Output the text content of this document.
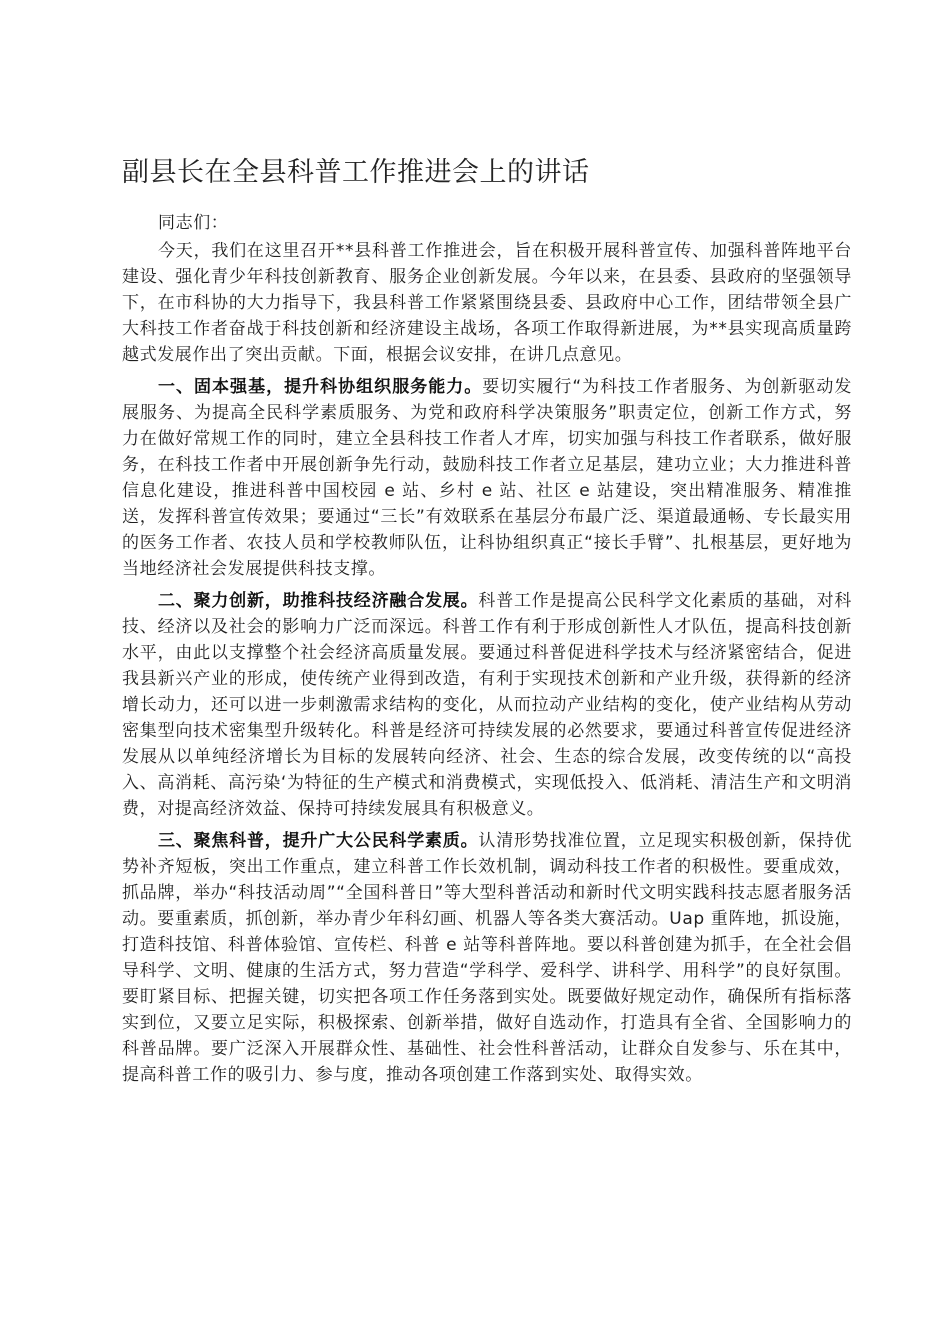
副县长在全县科普工作推进会上的讲话

同志们：

今天，我们在这里召开**县科普工作推进会，旨在积极开展科普宣传、加强科普阵地平台建设、强化青少年科技创新教育、服务企业创新发展。今年以来，在县委、县政府的坚强领导下，在市科协的大力指导下，我县科普工作紧紧围绕县委、县政府中心工作，团结带领全县广大科技工作者奋战于科技创新和经济建设主战场，各项工作取得新进展，为**县实现高质量跨越式发展作出了突出贡献。下面，根据会议安排，在讲几点意见。

一、固本强基，提升科协组织服务能力。要切实履行“为科技工作者服务、为创新驱动发展服务、为提高全民科学素质服务、为党和政府科学决策服务”职责定位，创新工作方式，努力在做好常规工作的同时，建立全县科技工作者人才库，切实加强与科技工作者联系，做好服务，在科技工作者中开展创新争先行动，鼓励科技工作者立足基层，建功立业；大力推进科普信息化建设，推进科普中国校园 e 站、乡村 e 站、社区 e 站建设，突出精准服务、精准推送，发挥科普宣传效果；要通过“三长”有效联系在基层分布最广泛、渠道最通畅、专长最实用的医务工作者、农技人员和学校教师队伍，让科协组织真正“接长手臂”、扎根基层，更好地为当地经济社会发展提供科技支撑。

二、聚力创新，助推科技经济融合发展。科普工作是提高公民科学文化素质的基础，对科技、经济以及社会的影响力广泛而深远。科普工作有利于形成创新性人才队伍，提高科技创新水平，由此以支撑整个社会经济高质量发展。要通过科普促进科学技术与经济紧密结合，促进我县新兴产业的形成，使传统产业得到改造，有利于实现技术创新和产业升级，获得新的经济增长动力，还可以进一步刺激需求结构的变化，从而拉动产业结构的变化，使产业结构从劳动密集型向技术密集型升级转化。科普是经济可持续发展的必然要求，要通过科普宣传促进经济发展从以单纯经济增长为目标的发展转向经济、社会、生态的综合发展，改变传统的以“高投入、高消耗、高污染‘为特征的生产模式和消费模式，实现低投入、低消耗、清洁生产和文明消费，对提高经济效益、保持可持续发展具有积极意义。

三、聚焦科普，提升广大公民科学素质。认清形势找准位置，立足现实积极创新，保持优势补齐短板，突出工作重点，建立科普工作长效机制，调动科技工作者的积极性。要重成效，抓品牌，举办“科技活动周”“全国科普日”等大型科普活动和新时代文明实践科技志愿者服务活动。要重素质，抓创新，举办青少年科幻画、机器人等各类大赛活动。Uap 重阵地，抓设施，打造科技馆、科普体验馆、宣传栏、科普 e 站等科普阵地。要以科普创建为抓手，在全社会倡导科学、文明、健康的生活方式，努力营造“学科学、爱科学、讲科学、用科学”的良好氛围。要盯紧目标、把握关键，切实把各项工作任务落到实处。既要做好规定动作，确保所有指标落实到位，又要立足实际，积极探索、创新举措，做好自选动作，打造具有全省、全国影响力的科普品牌。要广泛深入开展群众性、基础性、社会性科普活动，让群众自发参与、乐在其中，提高科普工作的吸引力、参与度，推动各项创建工作落到实处、取得实效。
